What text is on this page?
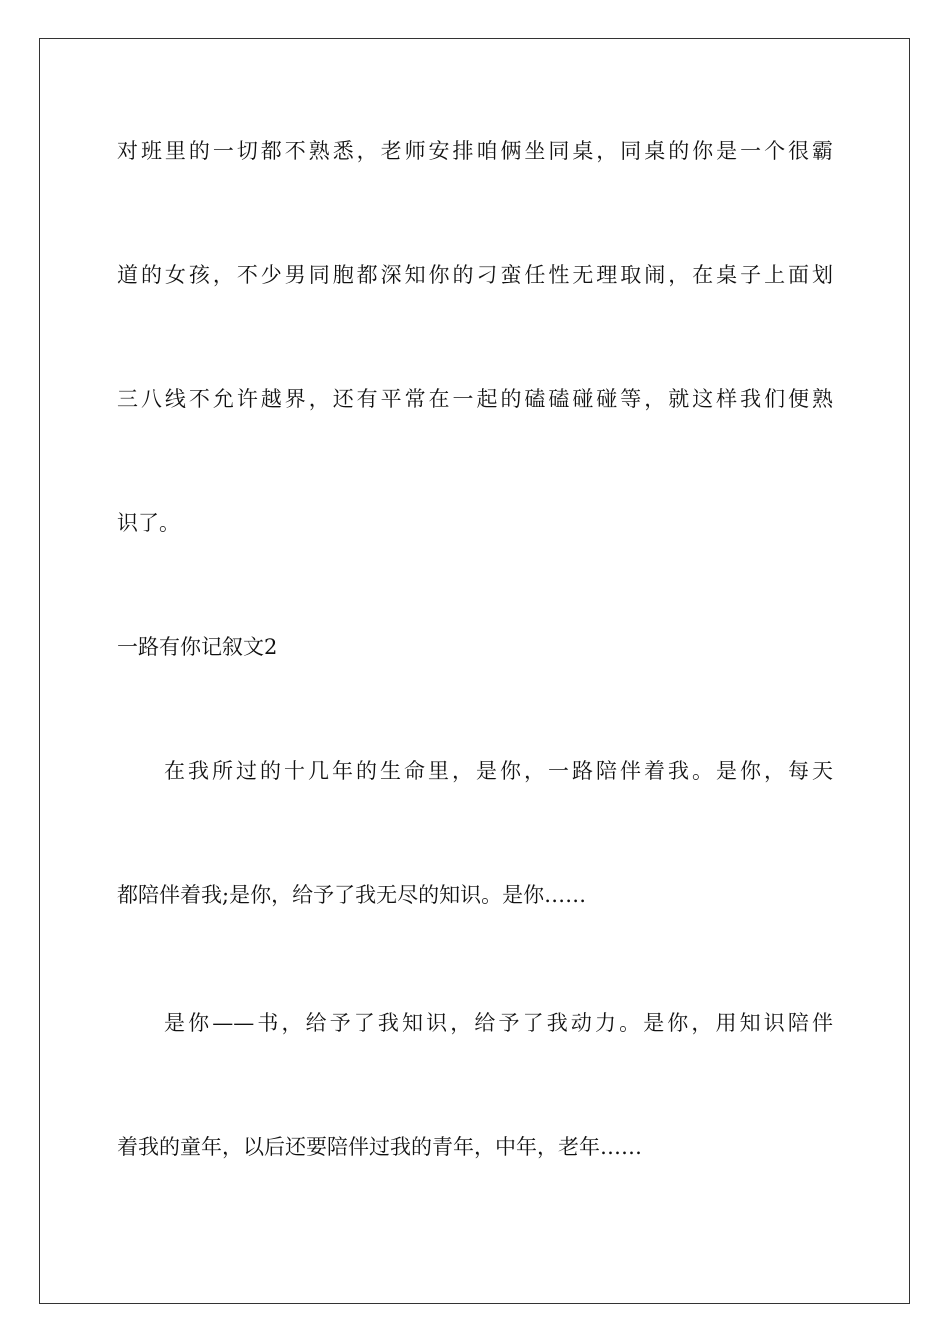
对班里的一切都不熟悉，老师安排咱俩坐同桌，同桌的你是一个很霸
道的女孩，不少男同胞都深知你的刁蛮任性无理取闹，在桌子上面划
三八线不允许越界，还有平常在一起的磕磕碰碰等，就这样我们便熟
识了。
一路有你记叙文2
在我所过的十几年的生命里，是你，一路陪伴着我。是你，每天
都陪伴着我;是你，给予了我无尽的知识。是你……
是你——书，给予了我知识，给予了我动力。是你，用知识陪伴
着我的童年，以后还要陪伴过我的青年，中年，老年……
